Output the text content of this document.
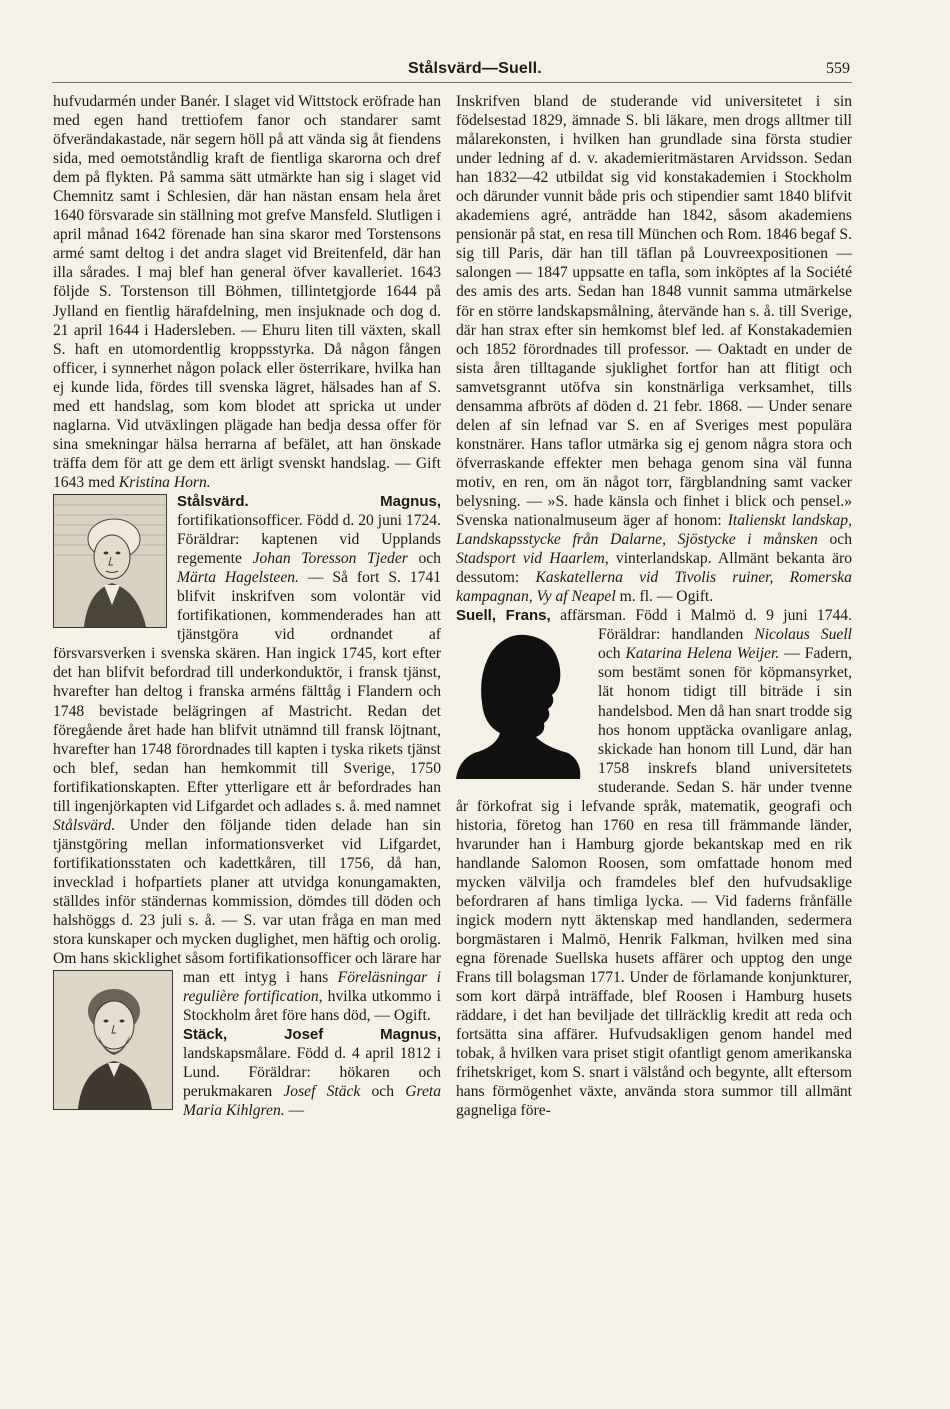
Stålsvärd—Suell.	559

hufvudarmén under Banér. I slaget vid Wittstock eröfrade han med egen hand trettiofem fanor och standarer samt öfverändakastade, när segern höll på att vända sig åt fiendens sida, med oemotståndlig kraft de fientliga skarorna och dref dem på flykten. På samma sätt utmärkte han sig i slaget vid Chemnitz samt i Schlesien, där han nästan ensam hela året 1640 försvarade sin ställning mot grefve Mansfeld. Slutligen i april månad 1642 förenade han sina skaror med Torstensons armé samt deltog i det andra slaget vid Breitenfeld, där han illa sårades. I maj blef han general öfver kavalleriet. 1643 följde S. Torstenson till Böhmen, tillintetgjorde 1644 på Jylland en fientlig härafdelning, men insjuknade och dog d. 21 april 1644 i Hadersleben. — Ehuru liten till växten, skall S. haft en utomordentlig kroppsstyrka. Då någon fången officer, i synnerhet någon polack eller österrikare, hvilka han ej kunde lida, fördes till svenska lägret, hälsades han af S. med ett handslag, som kom blodet att spricka ut under naglarna. Vid utväxlingen plägade han bedja dessa offer för sina smekningar hälsa herrarna af befälet, att han önskade träffa dem för att ge dem ett ärligt svenskt handslag. — Gift 1643 med Kristina Horn.

Stålsvärd. Magnus,
fortifikationsofficer. Född d. 20 juni 1724. Föräldrar: kaptenen vid Upplands regemente Johan Toresson Tjeder och Märta Hagelsteen. — Så fort S. 1741 blifvit inskrifven som volontär vid fortifikationen, kommenderades han att tjänstgöra vid ordnandet af försvarsverken i svenska skären. Han ingick 1745, kort efter det han blifvit befordrad till underkonduktör, i fransk tjänst, hvarefter han deltog i franska arméns fälttåg i Flandern och 1748 bevistade belägringen af Mastricht. Redan det föregående året hade han blifvit utnämnd till fransk löjtnant, hvarefter han 1748 förordnades till kapten i tyska rikets tjänst och blef, sedan han hemkommit till Sverige, 1750 fortifikationskapten. Efter ytterligare ett år befordrades han till ingenjörkapten vid Lifgardet och adlades s. å. med namnet Stålsvärd. Under den följande tiden delade han sin tjänstgöring mellan informationsverket vid Lifgardet, fortifikationsstaten och kadettkåren, till 1756, då han, invecklad i hofpartiets planer att utvidga konungamakten, ställdes inför ständernas kommission, dömdes till döden och halshöggs d. 23 juli s. å. — S. var utan fråga en man med stora kunskaper och mycken duglighet, men häftig och orolig. Om hans skicklighet såsom fortifikationsofficer och lärare har man ett intyg i hans
Föreläsningar i regulière fortification, hvilka utkommo i Stockholm året före hans död, — Ogift.

Stäck, Josef Magnus, landskapsmålare. Född d. 4 april 1812 i Lund. Föräldrar: hökaren och perukmakaren Josef Stäck och Greta Maria Kihlgren. —

Inskrifven bland de studerande vid universitetet i sin födelsestad 1829, ämnade S. bli läkare, men drogs alltmer till målarekonsten, i hvilken han grundlade sina första studier under ledning af d. v. akademieritmästaren Arvidsson. Sedan han 1832—42 utbildat sig vid konstakademien i Stockholm och därunder vunnit både pris och stipendier samt 1840 blifvit akademiens agré, anträdde han 1842, såsom akademiens pensionär på stat, en resa till München och Rom. 1846 begaf S. sig till Paris, där han till täflan på Louvreexpositionen — salongen — 1847 uppsatte en tafla, som inköptes af la Société des amis des arts. Sedan han 1848 vunnit samma utmärkelse för en större landskapsmålning, återvände han s. å. till Sverige, där han strax efter sin hemkomst blef led. af Konstakademien och 1852 förordnades till professor. — Oaktadt en under de sista åren tilltagande sjuklighet fortfor han att flitigt och samvetsgrannt utöfva sin konstnärliga verksamhet, tills densamma afbröts af döden d. 21 febr. 1868. — Under senare delen af sin lefnad var S. en af Sveriges mest populära konstnärer. Hans taflor utmärka sig ej genom några stora och öfverraskande effekter men behaga genom sina väl funna motiv, en ren, om än något torr, färgblandning samt vacker belysning. — »S. hade känsla och finhet i blick och pensel.» Svenska nationalmuseum äger af honom: Italienskt landskap, Landskapsstycke från Dalarne, Sjöstycke i månsken och Stadsport vid Haarlem, vinterlandskap. Allmänt bekanta äro dessutom: Kaskatellerna vid Tivolis ruiner, Romerska kampagnan, Vy af Neapel m. fl. — Ogift.

Suell, Frans, affärsman. Född i Malmö d. 9 juni 1744. Föräldrar: handlanden
Nicolaus Suell och Katarina Helena Weijer. — Fadern, som bestämt sonen för köpmansyrket, lät honom tidigt till biträde i sin handelsbod. Men då han snart trodde sig hos honom upptäcka ovanligare anlag, skickade han honom till Lund, där han 1758 inskrefs bland universitetets studerande. Sedan S. här under tvenne år förkofrat sig i lefvande språk, matematik, geografi och historia, företog han 1760 en resa till främmande länder, hvarunder han i Hamburg gjorde bekantskap med en rik handlande Salomon Roosen, som omfattade honom med mycken välvilja och framdeles blef den hufvudsakligе befordraren af hans timliga lycka. — Vid faderns frånfälle ingick modern nytt äktenskap med handlanden, sedermera borgmästaren i Malmö, Henrik Falkman, hvilken med sina egna förenade Suellska husets affärer och upptog den unge Frans till bolagsman 1771. Under de förlamande konjunkturer, som kort därpå inträffade, blef Roosen i Hamburg husets räddare, i det han beviljade det tillräcklig kredit att reda och fortsätta sina affärer. Hufvudsakligen genom handel med tobak, å hvilken vara priset stigit ofantligt genom amerikanska frihetskriget, kom S. snart i välstånd och begynte, allt eftersom hans förmögenhet växte, använda stora summor till allmänt gagneliga före-
